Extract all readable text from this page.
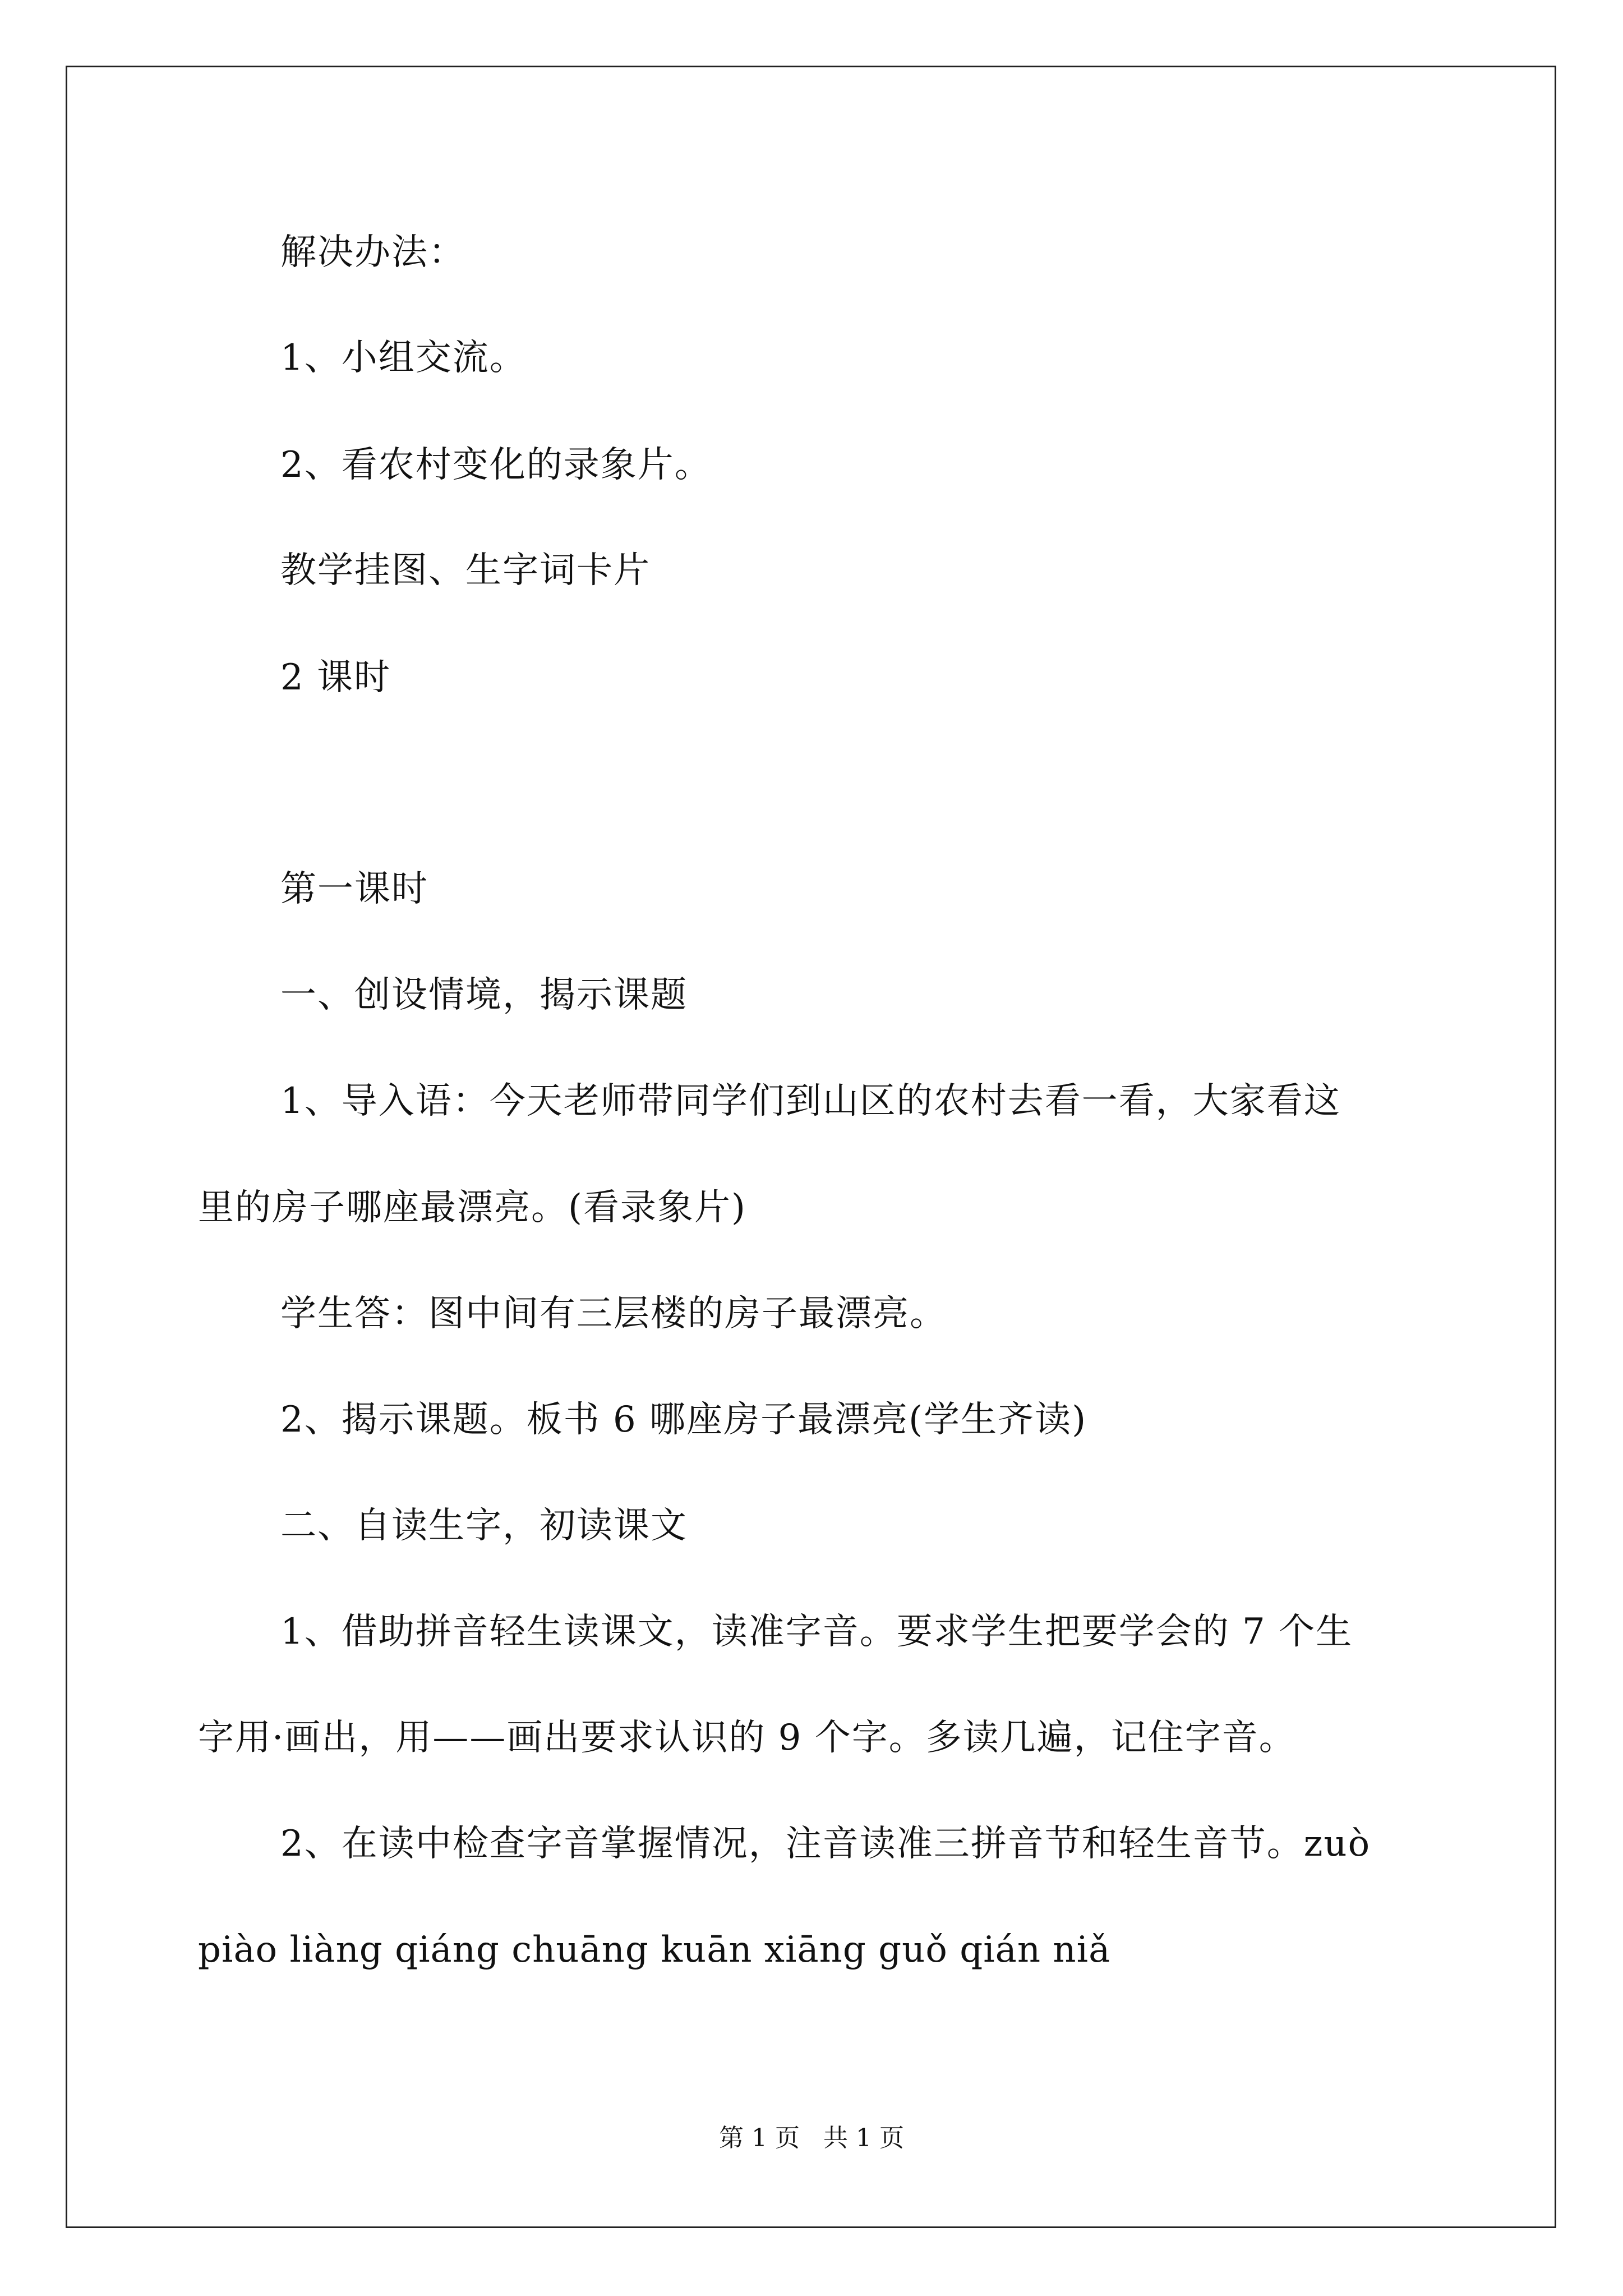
解决办法：
1、小组交流。
2、看农村变化的录象片。
教学挂图、生字词卡片
2 课时
第一课时
一、创设情境，揭示课题
1、导入语：今天老师带同学们到山区的农村去看一看，大家看这
里的房子哪座最漂亮。(看录象片)
学生答：图中间有三层楼的房子最漂亮。
2、揭示课题。板书 6 哪座房子最漂亮(学生齐读)
二、自读生字，初读课文
1、借助拼音轻生读课文，读准字音。要求学生把要学会的 7 个生
字用·画出，用——画出要求认识的 9 个字。多读几遍，记住字音。
2、在读中检查字音掌握情况，注音读准三拼音节和轻生音节。zuò
piào liàng qiáng chuāng kuān xiāng guǒ qián niǎ
第 1 页   共 1 页
